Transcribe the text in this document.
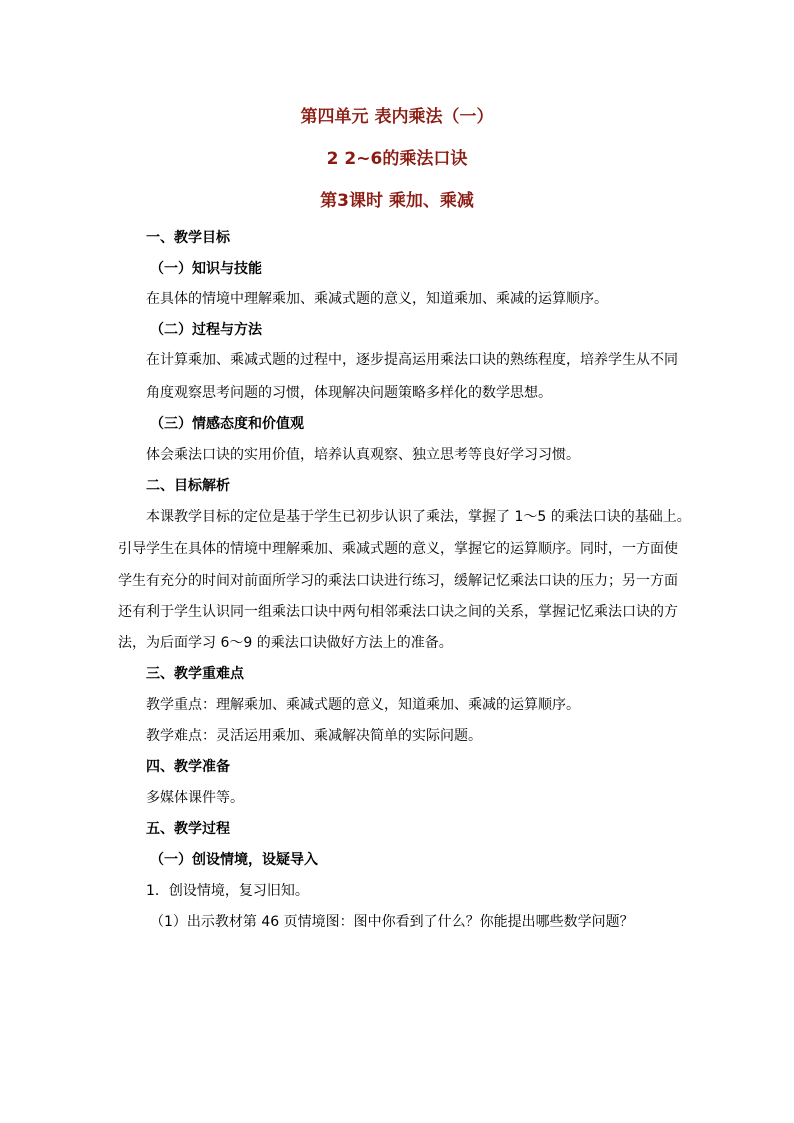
第四单元 表内乘法（一）
2 2~6的乘法口诀
第3课时 乘加、乘减
一、教学目标
（一）知识与技能
在具体的情境中理解乘加、乘减式题的意义，知道乘加、乘减的运算顺序。
（二）过程与方法
在计算乘加、乘减式题的过程中，逐步提高运用乘法口诀的熟练程度，培养学生从不同
角度观察思考问题的习惯，体现解决问题策略多样化的数学思想。
（三）情感态度和价值观
体会乘法口诀的实用价值，培养认真观察、独立思考等良好学习习惯。
二、目标解析
本课教学目标的定位是基于学生已初步认识了乘法，掌握了 1～5 的乘法口诀的基础上。
引导学生在具体的情境中理解乘加、乘减式题的意义，掌握它的运算顺序。同时，一方面使
学生有充分的时间对前面所学习的乘法口诀进行练习，缓解记忆乘法口诀的压力；另一方面
还有利于学生认识同一组乘法口诀中两句相邻乘法口诀之间的关系，掌握记忆乘法口诀的方
法，为后面学习 6～9 的乘法口诀做好方法上的准备。
三、教学重难点
教学重点：理解乘加、乘减式题的意义，知道乘加、乘减的运算顺序。
教学难点：灵活运用乘加、乘减解决简单的实际问题。
四、教学准备
多媒体课件等。
五、教学过程
（一）创设情境，设疑导入
1．创设情境，复习旧知。
（1）出示教材第 46 页情境图：图中你看到了什么？你能提出哪些数学问题？
